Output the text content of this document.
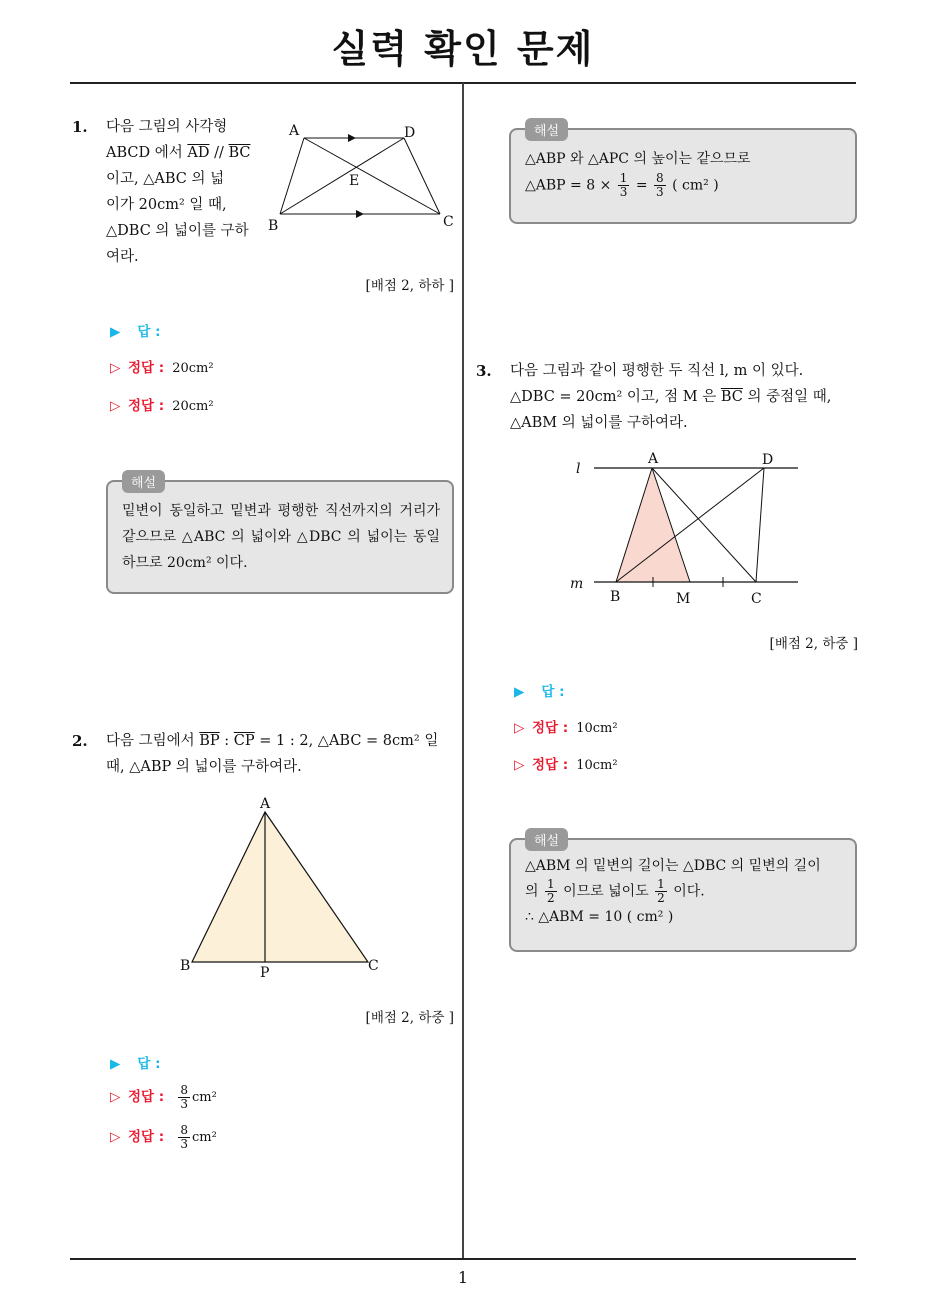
실력 확인 문제
1
1. 다음 그림의 사각형
ABCD 에서 $\overline{AD} // \overline{BC}$
이고, △ABC 의 넓
이가 20cm² 일 때,
△DBC 의 넓이를 구하
여라.
A	D
B	C
E
[배점 2, 하하 ]
▶ 답 :
▷ 정답 : 20cm²
▷ 정답 : 20cm²
해설
밑변이 동일하고 밑변과 평행한 직선까지의 거리가 같으므로 △ABC 의 넓이와 △DBC 의 넓이는 동일하므로 20cm² 이다.
2. 다음 그림에서 $\overline{BP}$ : $\overline{CP} = 1$ : 2, △ABC = 8cm² 일
때, △ABP 의 넓이를 구하여라.
A
B	P	C
[배점 2, 하중 ]
▶ 답 :
▷ 정답 : $\frac{8}{3} cm^2$
▷ 정답 : $\frac{8}{3} cm^2$
해설
△ABP 와 △APC 의 높이는 같으므로
△ABP = $8 \times \frac{1}{3} = \frac{8}{3}$ ( cm² )
3. 다음 그림과 같이 평행한 두 직선 l, m 이 있다.
△DBC = 20cm² 이고, 점 M 은 $\overline{BC}$ 의 중점일 때,
△ABM 의 넓이를 구하여라.
l
m
A	D
B	M	C
[배점 2, 하중 ]
▶ 답 :
▷ 정답 : 10cm²
▷ 정답 : 10cm²
해설
△ABM 의 밑변의 길이는 △DBC 의 밑변의 길이
의 $\frac{1}{2}$ 이므로 넓이도 $\frac{1}{2}$ 이다.
∴ △ABM = 10 ( cm² )
